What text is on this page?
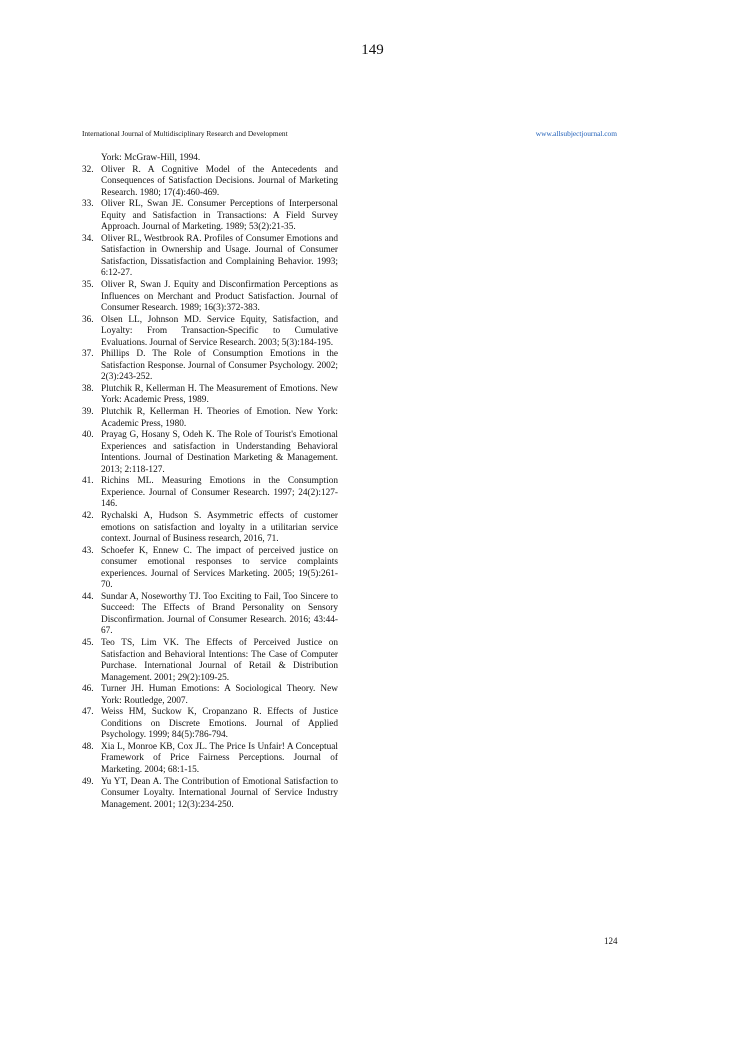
149
International Journal of Multidisciplinary Research and Development	www.allsubjectjournal.com
York: McGraw-Hill, 1994.
32. Oliver R. A Cognitive Model of the Antecedents and Consequences of Satisfaction Decisions. Journal of Marketing Research. 1980; 17(4):460-469.
33. Oliver RL, Swan JE. Consumer Perceptions of Interpersonal Equity and Satisfaction in Transactions: A Field Survey Approach. Journal of Marketing. 1989; 53(2):21-35.
34. Oliver RL, Westbrook RA. Profiles of Consumer Emotions and Satisfaction in Ownership and Usage. Journal of Consumer Satisfaction, Dissatisfaction and Complaining Behavior. 1993; 6:12-27.
35. Oliver R, Swan J. Equity and Disconfirmation Perceptions as Influences on Merchant and Product Satisfaction. Journal of Consumer Research. 1989; 16(3):372-383.
36. Olsen LL, Johnson MD. Service Equity, Satisfaction, and Loyalty: From Transaction-Specific to Cumulative Evaluations. Journal of Service Research. 2003; 5(3):184-195.
37. Phillips D. The Role of Consumption Emotions in the Satisfaction Response. Journal of Consumer Psychology. 2002; 2(3):243-252.
38. Plutchik R, Kellerman H. The Measurement of Emotions. New York: Academic Press, 1989.
39. Plutchik R, Kellerman H. Theories of Emotion. New York: Academic Press, 1980.
40. Prayag G, Hosany S, Odeh K. The Role of Tourist's Emotional Experiences and satisfaction in Understanding Behavioral Intentions. Journal of Destination Marketing & Management. 2013; 2:118-127.
41. Richins ML. Measuring Emotions in the Consumption Experience. Journal of Consumer Research. 1997; 24(2):127-146.
42. Rychalski A, Hudson S. Asymmetric effects of customer emotions on satisfaction and loyalty in a utilitarian service context. Journal of Business research, 2016, 71.
43. Schoefer K, Ennew C. The impact of perceived justice on consumer emotional responses to service complaints experiences. Journal of Services Marketing. 2005; 19(5):261-70.
44. Sundar A, Noseworthy TJ. Too Exciting to Fail, Too Sincere to Succeed: The Effects of Brand Personality on Sensory Disconfirmation. Journal of Consumer Research. 2016; 43:44-67.
45. Teo TS, Lim VK. The Effects of Perceived Justice on Satisfaction and Behavioral Intentions: The Case of Computer Purchase. International Journal of Retail & Distribution Management. 2001; 29(2):109-25.
46. Turner JH. Human Emotions: A Sociological Theory. New York: Routledge, 2007.
47. Weiss HM, Suckow K, Cropanzano R. Effects of Justice Conditions on Discrete Emotions. Journal of Applied Psychology. 1999; 84(5):786-794.
48. Xia L, Monroe KB, Cox JL. The Price Is Unfair! A Conceptual Framework of Price Fairness Perceptions. Journal of Marketing. 2004; 68:1-15.
49. Yu YT, Dean A. The Contribution of Emotional Satisfaction to Consumer Loyalty. International Journal of Service Industry Management. 2001; 12(3):234-250.
124
